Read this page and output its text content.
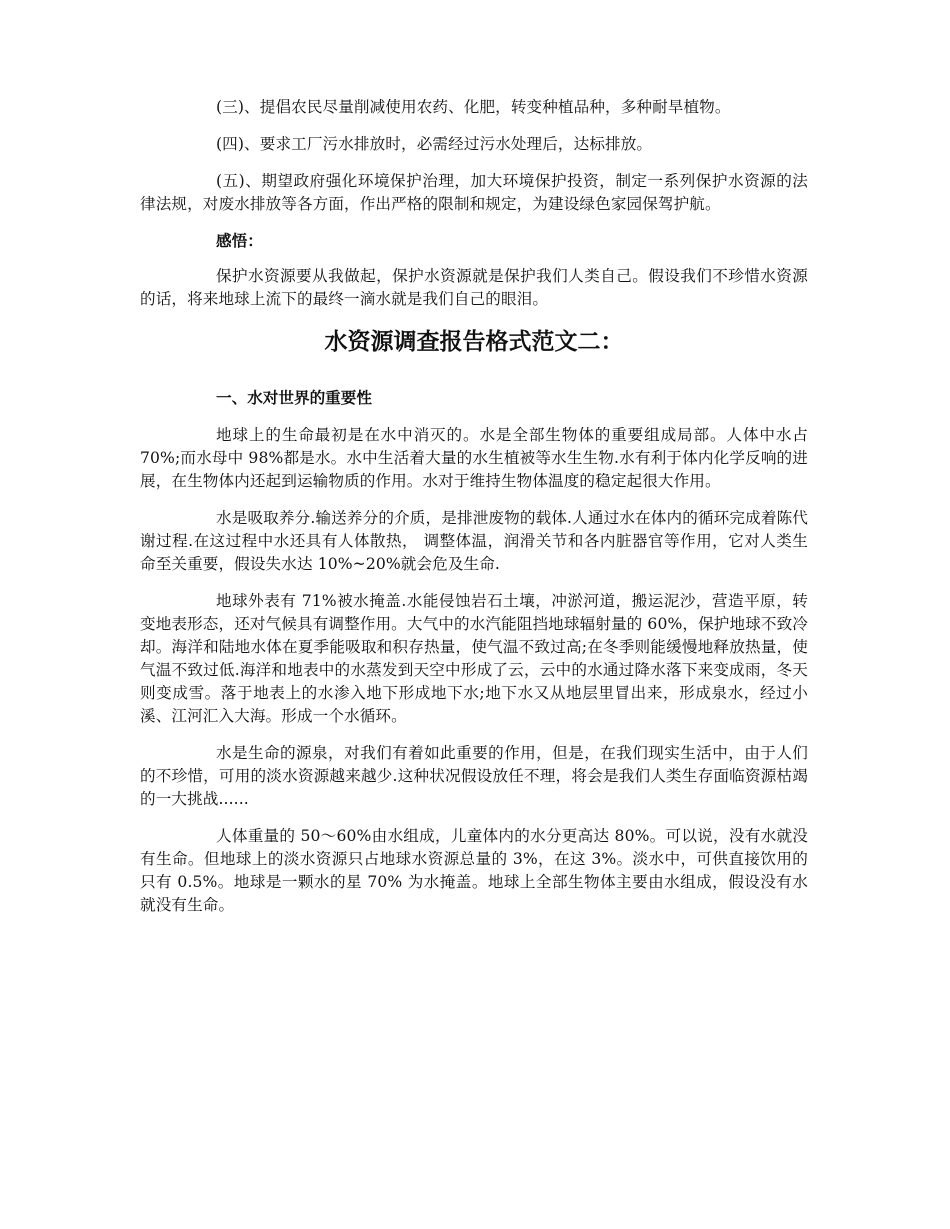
(三)、提倡农民尽量削减使用农药、化肥，转变种植品种，多种耐旱植物。

(四)、要求工厂污水排放时，必需经过污水处理后，达标排放。

(五)、期望政府强化环境保护治理，加大环境保护投资，制定一系列保护水资源的法律法规，对废水排放等各方面，作出严格的限制和规定，为建设绿色家园保驾护航。

感悟：

保护水资源要从我做起，保护水资源就是保护我们人类自己。假设我们不珍惜水资源的话，将来地球上流下的最终一滴水就是我们自己的眼泪。

水资源调查报告格式范文二：
一、水对世界的重要性

地球上的生命最初是在水中消灭的。水是全部生物体的重要组成局部。人体中水占 70%;而水母中 98%都是水。水中生活着大量的水生植被等水生生物.水有利于体内化学反响的进展，在生物体内还起到运输物质的作用。水对于维持生物体温度的稳定起很大作用。

水是吸取养分.输送养分的介质，是排泄废物的载体.人通过水在体内的循环完成着陈代谢过程.在这过程中水还具有人体散热， 调整体温，润滑关节和各内脏器官等作用，它对人类生命至关重要，假设失水达 10%~20%就会危及生命.

地球外表有 71%被水掩盖.水能侵蚀岩石土壤，冲淤河道，搬运泥沙，营造平原，转变地表形态，还对气候具有调整作用。大气中的水汽能阻挡地球辐射量的 60%，保护地球不致冷却。海洋和陆地水体在夏季能吸取和积存热量，使气温不致过高;在冬季则能缓慢地释放热量，使气温不致过低.海洋和地表中的水蒸发到天空中形成了云，云中的水通过降水落下来变成雨，冬天则变成雪。落于地表上的水渗入地下形成地下水;地下水又从地层里冒出来，形成泉水，经过小溪、江河汇入大海。形成一个水循环。

水是生命的源泉，对我们有着如此重要的作用，但是，在我们现实生活中，由于人们的不珍惜，可用的淡水资源越来越少.这种状况假设放任不理，将会是我们人类生存面临资源枯竭的一大挑战......

人体重量的 50～60%由水组成，儿童体内的水分更高达 80%。可以说，没有水就没有生命。但地球上的淡水资源只占地球水资源总量的 3%，在这 3%。淡水中，可供直接饮用的只有 0.5%。地球是一颗水的星 70% 为水掩盖。地球上全部生物体主要由水组成，假设没有水就没有生命。
